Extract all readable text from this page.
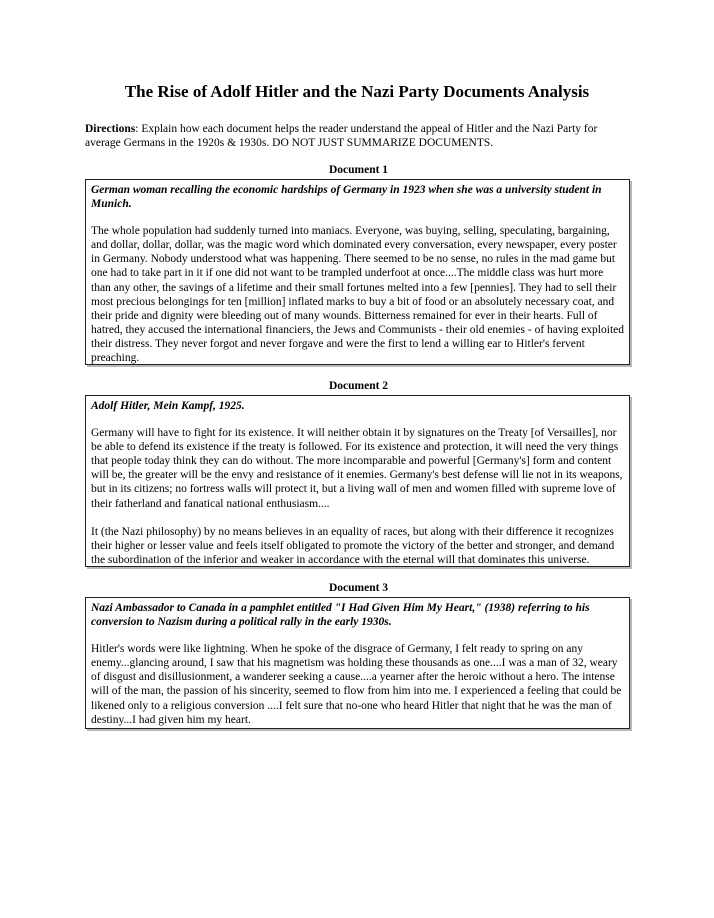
The Rise of Adolf Hitler and the Nazi Party Documents Analysis

Directions: Explain how each document helps the reader understand the appeal of Hitler and the Nazi Party for average Germans in the 1920s & 1930s. DO NOT JUST SUMMARIZE DOCUMENTS.

Document 1

German woman recalling the economic hardships of Germany in 1923 when she was a university student in Munich.

The whole population had suddenly turned into maniacs. Everyone, was buying, selling, speculating, bargaining, and dollar, dollar, dollar, was the magic word which dominated every conversation, every newspaper, every poster in Germany. Nobody understood what was happening. There seemed to be no sense, no rules in the mad game but one had to take part in it if one did not want to be trampled underfoot at once....The middle class was hurt more than any other, the savings of a lifetime and their small fortunes melted into a few [pennies]. They had to sell their most precious belongings for ten [million] inflated marks to buy a bit of food or an absolutely necessary coat, and their pride and dignity were bleeding out of many wounds. Bitterness remained for ever in their hearts. Full of hatred, they accused the international financiers, the Jews and Communists - their old enemies - of having exploited their distress. They never forgot and never forgave and were the first to lend a willing ear to Hitler's fervent preaching.

Document 2

Adolf Hitler, Mein Kampf, 1925.

Germany will have to fight for its existence. It will neither obtain it by signatures on the Treaty [of Versailles], nor be able to defend its existence if the treaty is followed. For its existence and protection, it will need the very things that people today think they can do without. The more incomparable and powerful [Germany's] form and content will be, the greater will be the envy and resistance of it enemies. Germany's best defense will lie not in its weapons, but in its citizens; no fortress walls will protect it, but a living wall of men and women filled with supreme love of their fatherland and fanatical national enthusiasm....

It (the Nazi philosophy) by no means believes in an equality of races, but along with their difference it recognizes their higher or lesser value and feels itself obligated to promote the victory of the better and stronger, and demand the subordination of the inferior and weaker in accordance with the eternal will that dominates this universe.

Document 3

Nazi Ambassador to Canada in a pamphlet entitled "I Had Given Him My Heart," (1938) referring to his conversion to Nazism during a political rally in the early 1930s.

Hitler's words were like lightning. When he spoke of the disgrace of Germany, I felt ready to spring on any enemy...glancing around, I saw that his magnetism was holding these thousands as one....I was a man of 32, weary of disgust and disillusionment, a wanderer seeking a cause....a yearner after the heroic without a hero. The intense will of the man, the passion of his sincerity, seemed to flow from him into me. I experienced a feeling that could be likened only to a religious conversion ....I felt sure that no-one who heard Hitler that night that he was the man of destiny...I had given him my heart.
